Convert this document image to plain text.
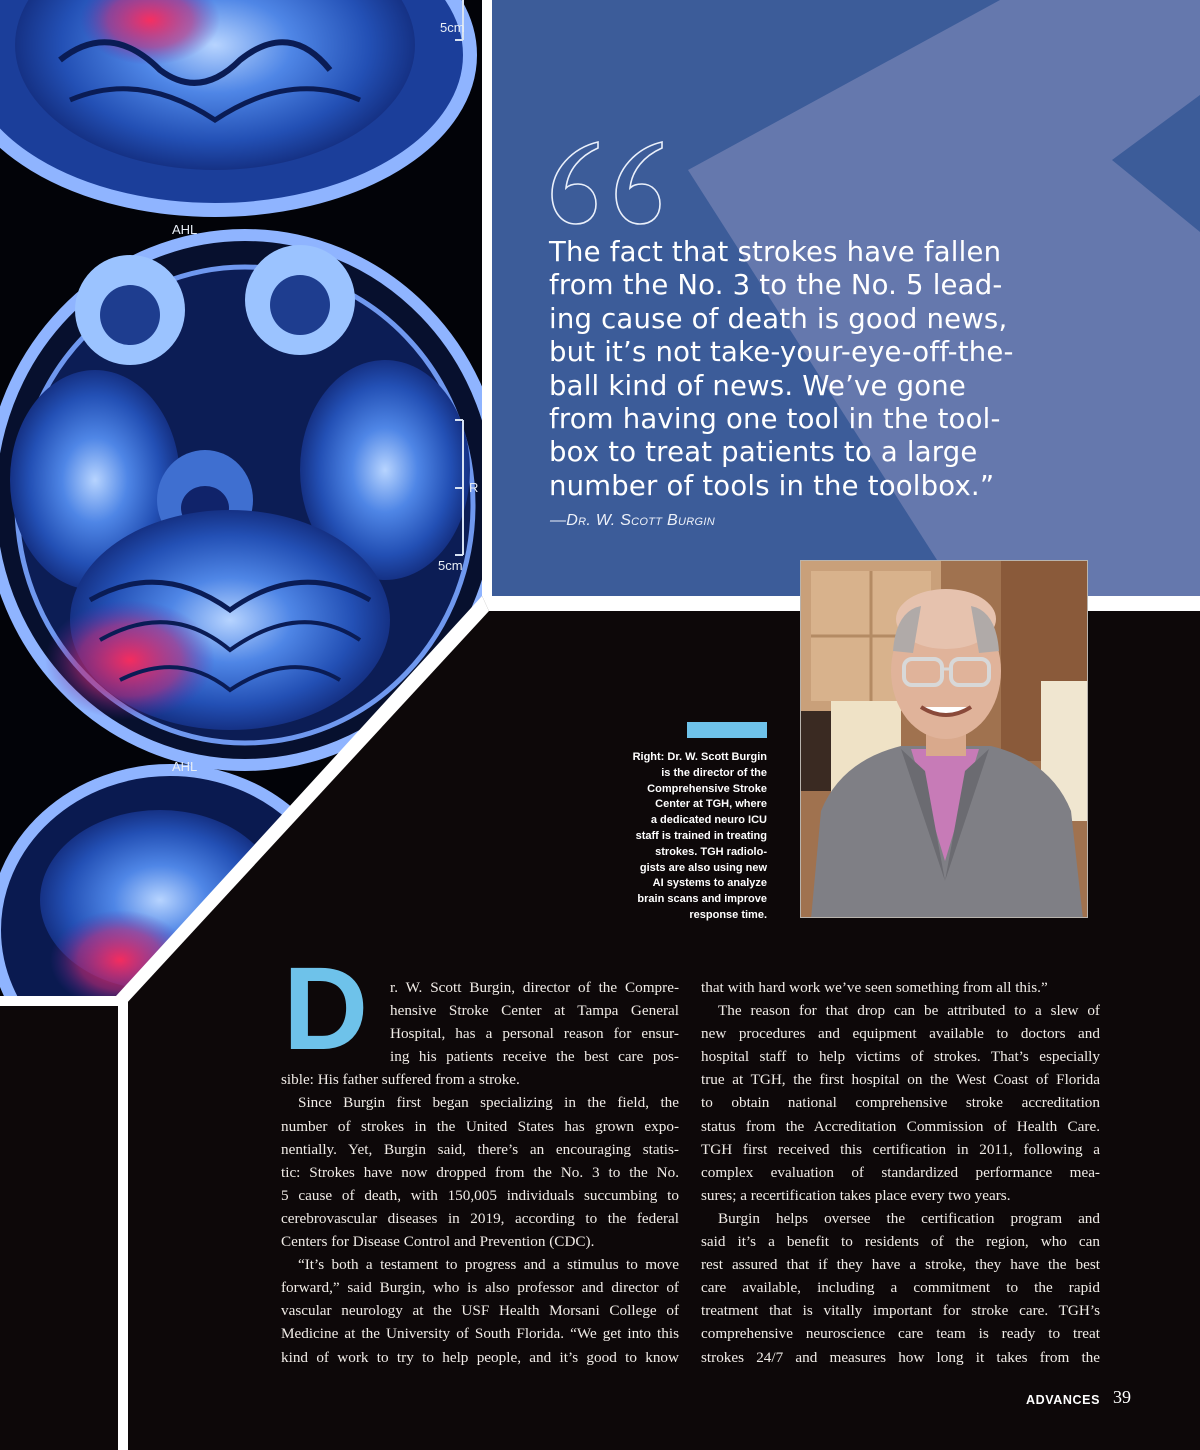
5cm
AHL
R
5cm
AHL
The fact that strokes have fallen
from the No. 3 to the No. 5 lead-
ing cause of death is good news,
but it’s not take-your-eye-off-the-
ball kind of news. We’ve gone
from having one tool in the tool-
box to treat patients to a large
number of tools in the toolbox.”
—Dr. W. Scott Burgin
Right: Dr. W. Scott Burgin
is the director of the
Comprehensive Stroke
Center at TGH, where
a dedicated neuro ICU
staff is trained in treating
strokes. TGH radiolo-
gists are also using new
AI systems to analyze
brain scans and improve
response time.
D r. W. Scott Burgin, director of the Compre-
hensive Stroke Center at Tampa General
Hospital, has a personal reason for ensur-
ing his patients receive the best care pos-
sible: His father suffered from a stroke.
Since Burgin first began specializing in the field, the
number of strokes in the United States has grown expo-
nentially. Yet, Burgin said, there’s an encouraging statis-
tic: Strokes have now dropped from the No. 3 to the No.
5 cause of death, with 150,005 individuals succumbing to
cerebrovascular diseases in 2019, according to the federal
Centers for Disease Control and Prevention (CDC).
“It’s both a testament to progress and a stimulus to move
forward,” said Burgin, who is also professor and director of
vascular neurology at the USF Health Morsani College of
Medicine at the University of South Florida. “We get into this
kind of work to try to help people, and it’s good to know
that with hard work we’ve seen something from all this.”
The reason for that drop can be attributed to a slew of
new procedures and equipment available to doctors and
hospital staff to help victims of strokes. That’s especially
true at TGH, the first hospital on the West Coast of Florida
to obtain national comprehensive stroke accreditation
status from the Accreditation Commission of Health Care.
TGH first received this certification in 2011, following a
complex evaluation of standardized performance mea-
sures; a recertification takes place every two years.
Burgin helps oversee the certification program and
said it’s a benefit to residents of the region, who can
rest assured that if they have a stroke, they have the best
care available, including a commitment to the rapid
treatment that is vitally important for stroke care. TGH’s
comprehensive neuroscience care team is ready to treat
strokes 24/7 and measures how long it takes from the
ADVANCES 39
